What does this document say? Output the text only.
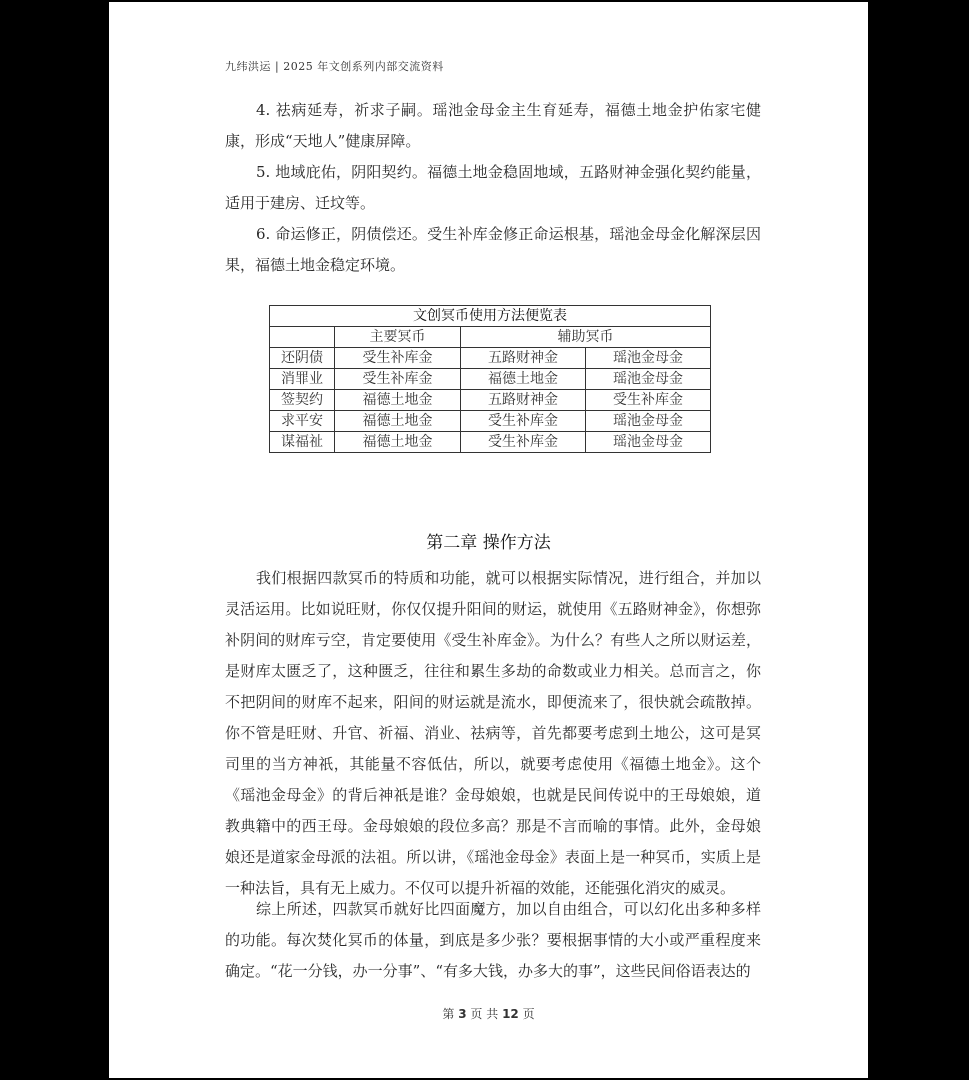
九纬洪运 | 2025 年文创系列内部交流资料

4. 祛病延寿，祈求子嗣。瑶池金母金主生育延寿，福德土地金护佑家宅健康，形成“天地人”健康屏障。

5. 地域庇佑，阴阳契约。福德土地金稳固地域，五路财神金强化契约能量，适用于建房、迁坟等。

6. 命运修正，阴债偿还。受生补库金修正命运根基，瑶池金母金化解深层因果，福德土地金稳定环境。

文创冥币使用方法便览表			
	主要冥币	辅助冥币	
还阴债	受生补库金	五路财神金	瑶池金母金
消罪业	受生补库金	福德土地金	瑶池金母金
签契约	福德土地金	五路财神金	受生补库金
求平安	福德土地金	受生补库金	瑶池金母金
谋福祉	福德土地金	受生补库金	瑶池金母金
第二章 操作方法

我们根据四款冥币的特质和功能，就可以根据实际情况，进行组合，并加以灵活运用。比如说旺财，你仅仅提升阳间的财运，就使用《五路财神金》，你想弥补阴间的财库亏空，肯定要使用《受生补库金》。为什么？有些人之所以财运差，是财库太匮乏了，这种匮乏，往往和累生多劫的命数或业力相关。总而言之，你不把阴间的财库不起来，阳间的财运就是流水，即便流来了，很快就会疏散掉。你不管是旺财、升官、祈福、消业、祛病等，首先都要考虑到土地公，这可是冥司里的当方神祇，其能量不容低估，所以，就要考虑使用《福德土地金》。这个《瑶池金母金》的背后神祇是谁？金母娘娘，也就是民间传说中的王母娘娘，道教典籍中的西王母。金母娘娘的段位多高？那是不言而喻的事情。此外，金母娘娘还是道家金母派的法祖。所以讲，《瑶池金母金》表面上是一种冥币，实质上是一种法旨，具有无上威力。不仅可以提升祈福的效能，还能强化消灾的威灵。

综上所述，四款冥币就好比四面魔方，加以自由组合，可以幻化出多种多样的功能。每次焚化冥币的体量，到底是多少张？要根据事情的大小或严重程度来确定。“花一分钱，办一分事”、“有多大钱，办多大的事”，这些民间俗语表达的

第 3 页 共 12 页
